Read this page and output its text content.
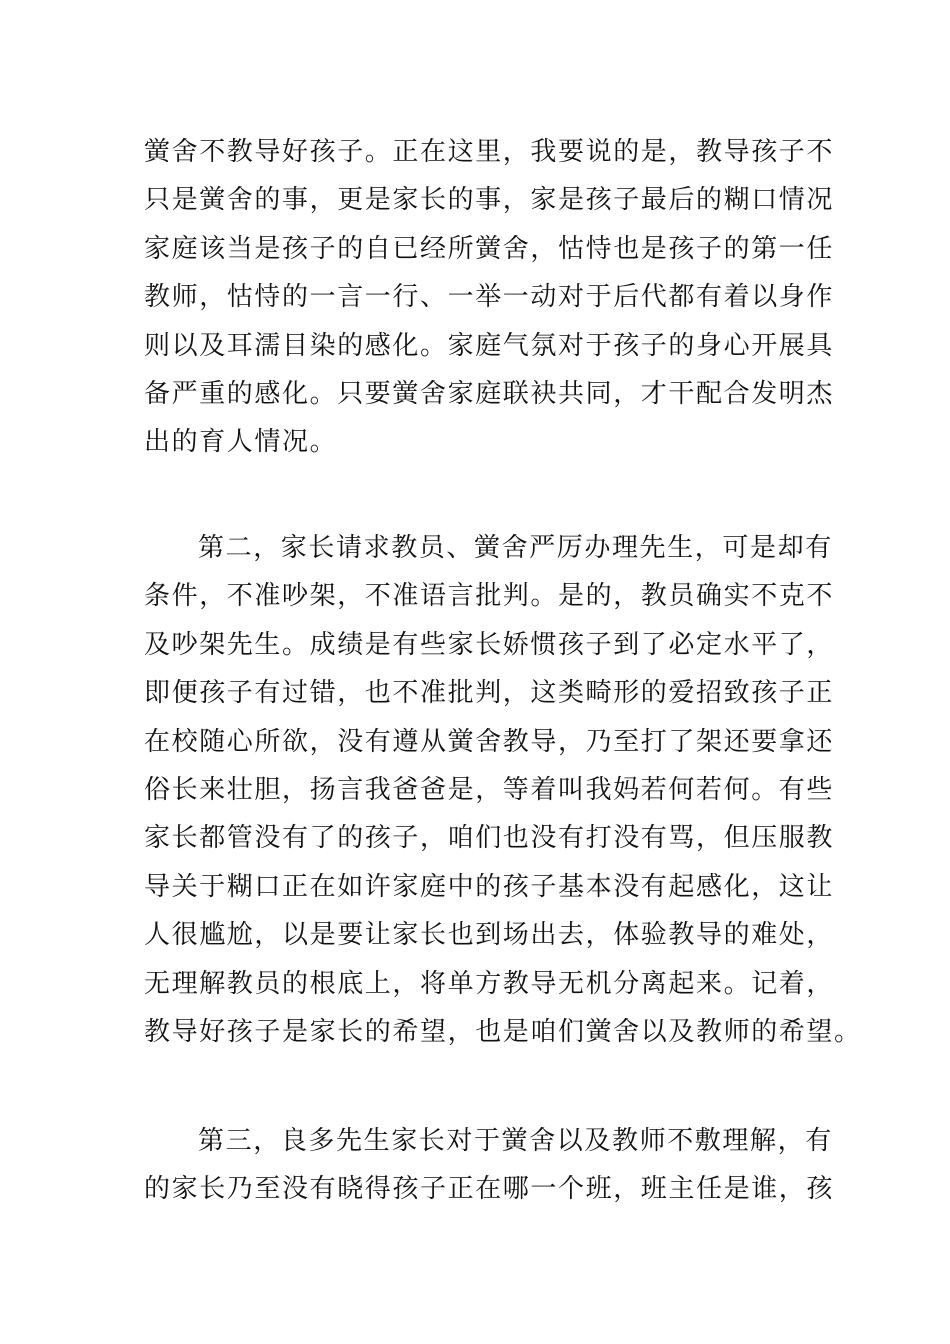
黉舍不教导好孩子。正在这里，我要说的是，教导孩子不
只是黉舍的事，更是家长的事，家是孩子最后的糊口情况
家庭该当是孩子的自已经所黉舍，怙恃也是孩子的第一任
教师，怙恃的一言一行、一举一动对于后代都有着以身作
则以及耳濡目染的感化。家庭气氛对于孩子的身心开展具
备严重的感化。只要黉舍家庭联袂共同，才干配合发明杰
出的育人情况。

第二，家长请求教员、黉舍严厉办理先生，可是却有
条件，不准吵架，不准语言批判。是的，教员确实不克不
及吵架先生。成绩是有些家长娇惯孩子到了必定水平了，
即便孩子有过错，也不准批判，这类畸形的爱招致孩子正
在校随心所欲，没有遵从黉舍教导，乃至打了架还要拿还
俗长来壮胆，扬言我爸爸是，等着叫我妈若何若何。有些
家长都管没有了的孩子，咱们也没有打没有骂，但压服教
导关于糊口正在如许家庭中的孩子基本没有起感化，这让
人很尴尬，以是要让家长也到场出去，体验教导的难处，
无理解教员的根底上，将单方教导无机分离起来。记着，
教导好孩子是家长的希望，也是咱们黉舍以及教师的希望。

第三，良多先生家长对于黉舍以及教师不敷理解，有
的家长乃至没有晓得孩子正在哪一个班，班主任是谁，孩
